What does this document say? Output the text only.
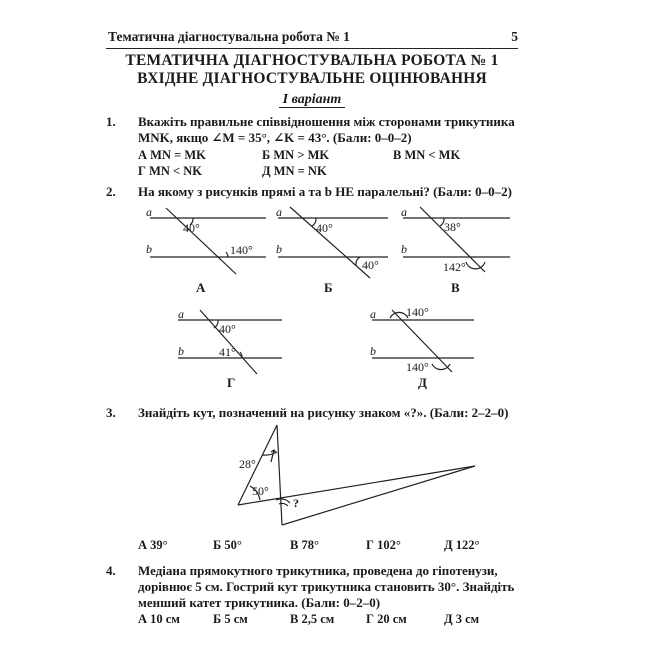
Тематична діагностувальна робота № 1	5
ТЕМАТИЧНА ДІАГНОСТУВАЛЬНА РОБОТА № 1
ВХІДНЕ ДІАГНОСТУВАЛЬНЕ ОЦІНЮВАННЯ
І варіант
1. Вкажіть правильне співвідношення між сторонами трикутника
MNK, якщо ∠M = 35°, ∠K = 43°. (Бали: 0–0–2)
А MN = MK	Б MN > MK	В MN < MK
Г MN < NK	Д MN = NK
2. На якому з рисунків прямі a та b НЕ паралельні? (Бали: 0–0–2)
a
b
40°
140°
a
b
40°
40°
a
b
38°
142°
a
b
40°
41°
a
b
140°
140°
А	Б	В
Г	Д
28°
50°
?
3. Знайдіть кут, позначений на рисунку знаком «?». (Бали: 2–2–0)
А 39°	Б 50°	В 78°	Г 102°	Д 122°
4. Медіана прямокутного трикутника, проведена до гіпотенузи,
дорівнює 5 см. Гострий кут трикутника становить 30°. Знайдіть
менший катет трикутника. (Бали: 0–2–0)
А 10 см	Б 5 см	В 2,5 см	Г 20 см	Д 3 см
